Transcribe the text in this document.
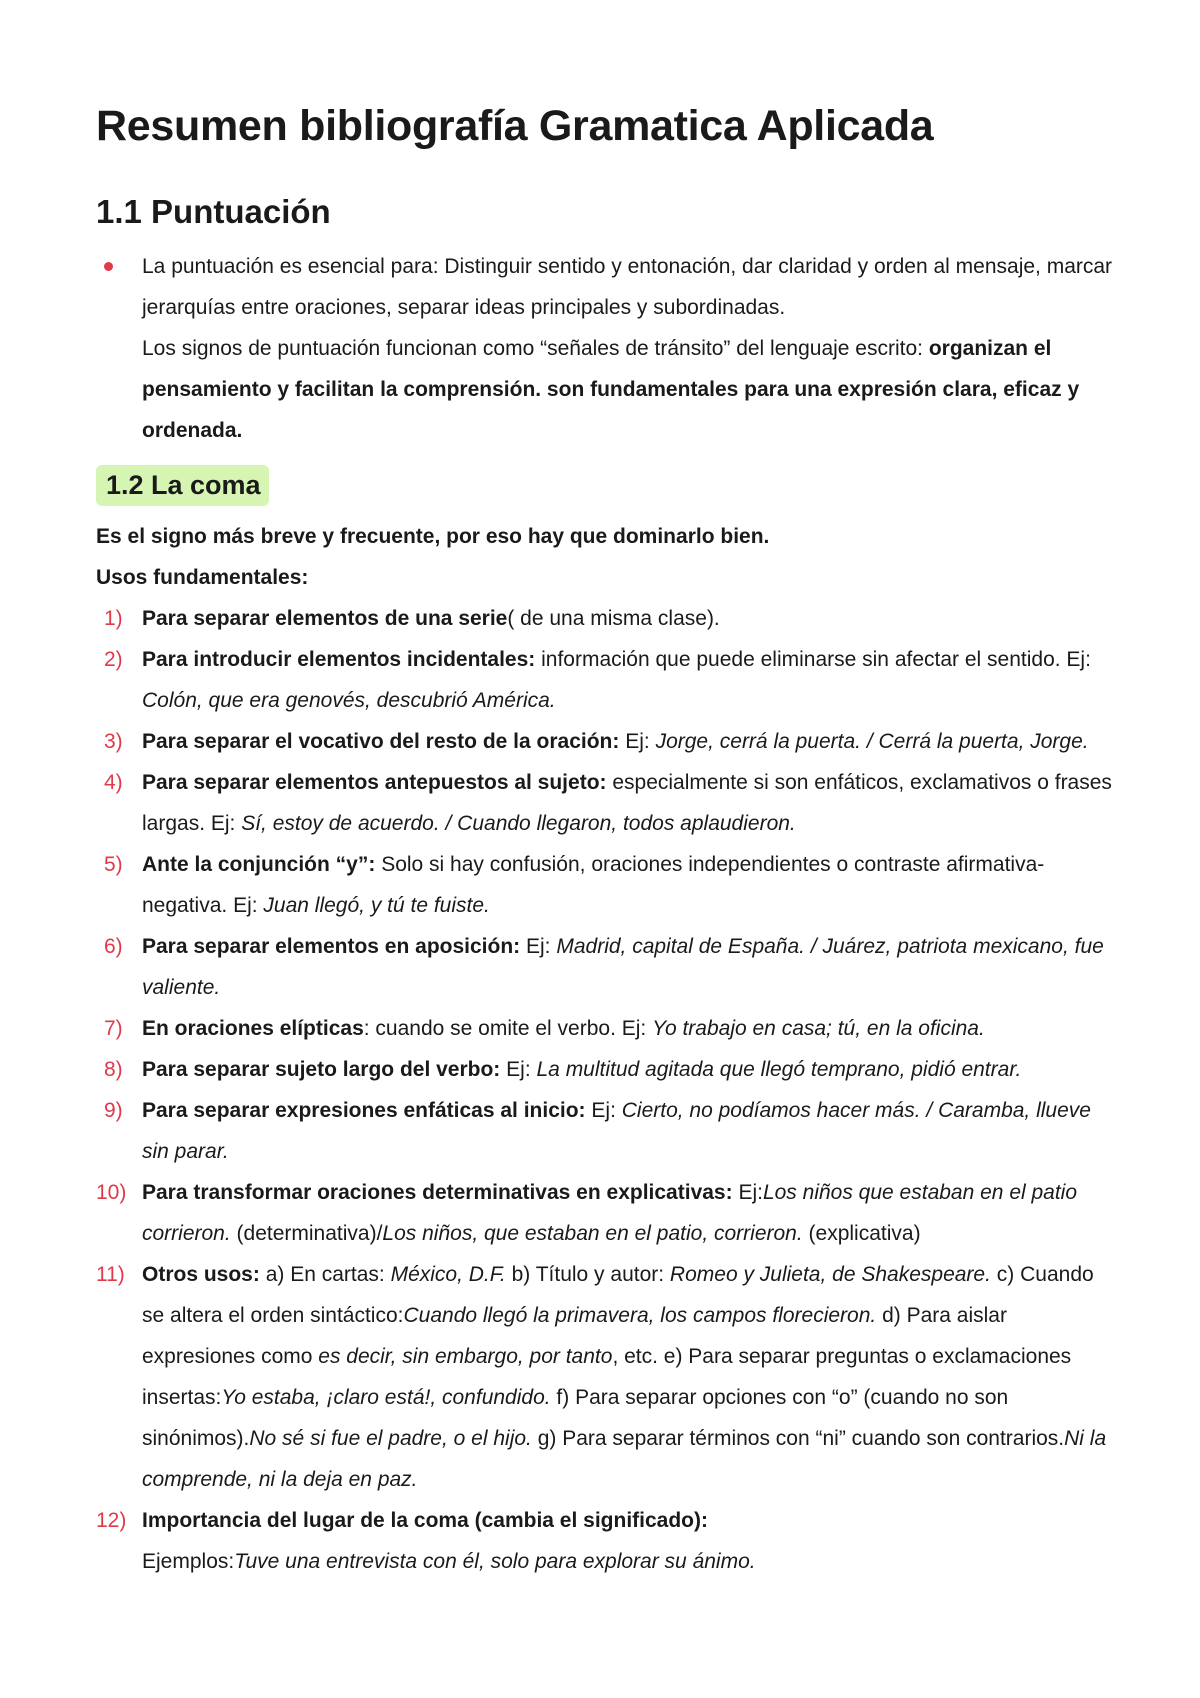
Resumen bibliografía Gramatica Aplicada
1.1 Puntuación
La puntuación es esencial para: Distinguir sentido y entonación, dar claridad y orden al mensaje, marcar jerarquías entre oraciones, separar ideas principales y subordinadas.
Los signos de puntuación funcionan como “señales de tránsito” del lenguaje escrito: organizan el pensamiento y facilitan la comprensión. son fundamentales para una expresión clara, eficaz y ordenada.
1.2 La coma
Es el signo más breve y frecuente, por eso hay que dominarlo bien.
Usos fundamentales:
1) Para separar elementos de una serie( de una misma clase).
2) Para introducir elementos incidentales: información que puede eliminarse sin afectar el sentido. Ej: Colón, que era genovés, descubrió América.
3) Para separar el vocativo del resto de la oración: Ej: Jorge, cerrá la puerta. / Cerrá la puerta, Jorge.
4) Para separar elementos antepuestos al sujeto: especialmente si son enfáticos, exclamativos o frases largas. Ej: Sí, estoy de acuerdo. / Cuando llegaron, todos aplaudieron.
5) Ante la conjunción “y”: Solo si hay confusión, oraciones independientes o contraste afirmativa-negativa. Ej: Juan llegó, y tú te fuiste.
6) Para separar elementos en aposición: Ej: Madrid, capital de España. / Juárez, patriota mexicano, fue valiente.
7) En oraciones elípticas: cuando se omite el verbo. Ej: Yo trabajo en casa; tú, en la oficina.
8) Para separar sujeto largo del verbo: Ej: La multitud agitada que llegó temprano, pidió entrar.
9) Para separar expresiones enfáticas al inicio: Ej: Cierto, no podíamos hacer más. / Caramba, llueve sin parar.
10) Para transformar oraciones determinativas en explicativas: Ej:Los niños que estaban en el patio corrieron. (determinativa)/Los niños, que estaban en el patio, corrieron. (explicativa)
11) Otros usos: a) En cartas: México, D.F. b) Título y autor: Romeo y Julieta, de Shakespeare. c) Cuando se altera el orden sintáctico:Cuando llegó la primavera, los campos florecieron. d) Para aislar expresiones como es decir, sin embargo, por tanto, etc. e) Para separar preguntas o exclamaciones insertas:Yo estaba, ¡claro está!, confundido. f) Para separar opciones con “o” (cuando no son sinónimos).No sé si fue el padre, o el hijo. g) Para separar términos con “ni” cuando son contrarios.Ni la comprende, ni la deja en paz.
12) Importancia del lugar de la coma (cambia el significado):
Ejemplos:Tuve una entrevista con él, solo para explorar su ánimo.
